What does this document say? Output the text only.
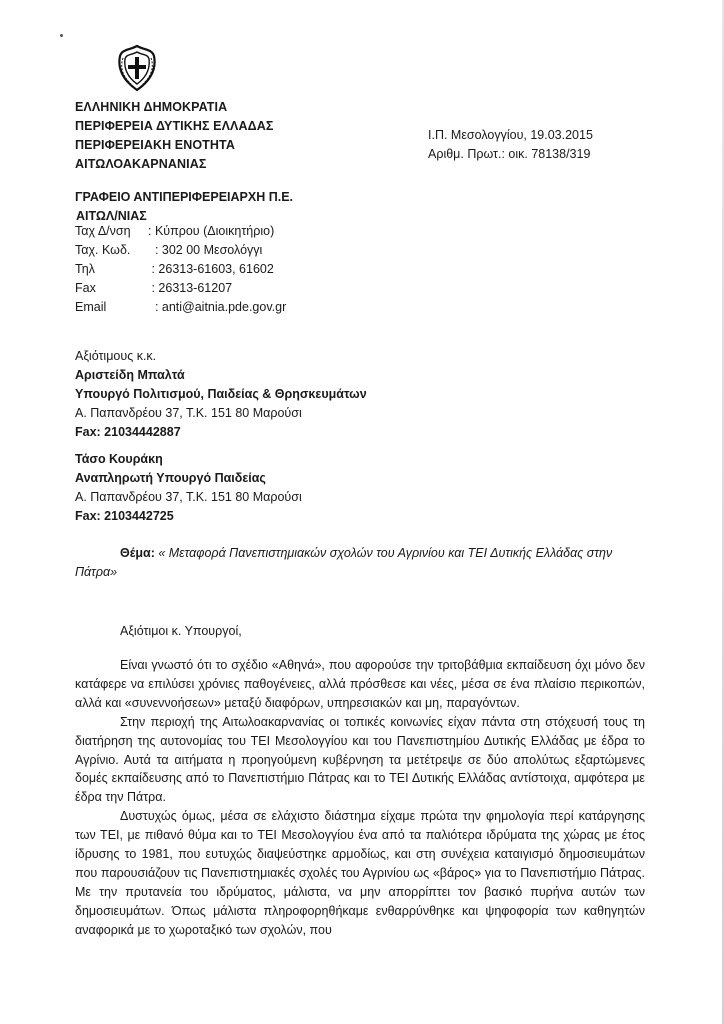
ΕΛΛΗΝΙΚΗ ΔΗΜΟΚΡΑΤΙΑ
ΠΕΡΙΦΕΡΕΙΑ ΔΥΤΙΚΗΣ ΕΛΛΑΔΑΣ
ΠΕΡΙΦΕΡΕΙΑΚΗ ΕΝΟΤΗΤΑ
ΑΙΤΩΛΟΑΚΑΡΝΑΝΙΑΣ
Ι.Π. Μεσολογγίου, 19.03.2015
Αριθμ. Πρωτ.: οικ. 78138/319
ΓΡΑΦΕΙΟ ΑΝΤΙΠΕΡΙΦΕΡΕΙΑΡΧΗ Π.Ε.
ΑΙΤΩΛ/ΝΙΑΣ
Ταχ Δ/νση	: Κύπρου (Διοικητήριο)
Ταχ. Κωδ.	: 302 00 Μεσολόγγι
Τηλ	: 26313-61603, 61602
Fax	: 26313-61207
Email	: anti@aitnia.pde.gov.gr
Αξιότιμους κ.κ.
Αριστείδη Μπαλτά
Υπουργό Πολιτισμού, Παιδείας & Θρησκευμάτων
Α. Παπανδρέου 37, Τ.Κ. 151 80 Μαρούσι
Fax: 21034442887
Τάσο Κουράκη
Αναπληρωτή Υπουργό Παιδείας
Α. Παπανδρέου 37, Τ.Κ. 151 80 Μαρούσι
Fax: 2103442725
Θέμα: « Μεταφορά Πανεπιστημιακών σχολών του Αγρινίου και ΤΕΙ Δυτικής Ελλάδας στην Πάτρα»
Αξιότιμοι κ. Υπουργοί,

Είναι γνωστό ότι το σχέδιο «Αθηνά», που αφορούσε την τριτοβάθμια εκπαίδευση όχι μόνο δεν κατάφερε να επιλύσει χρόνιες παθογένειες, αλλά πρόσθεσε και νέες, μέσα σε ένα πλαίσιο περικοπών, αλλά και «συνεννοήσεων» μεταξύ διαφόρων, υπηρεσιακών και μη, παραγόντων.

Στην περιοχή της Αιτωλοακαρνανίας οι τοπικές κοινωνίες είχαν πάντα στη στόχευσή τους τη διατήρηση της αυτονομίας του ΤΕΙ Μεσολογγίου και του Πανεπιστημίου Δυτικής Ελλάδας με έδρα το Αγρίνιο. Αυτά τα αιτήματα η προηγούμενη κυβέρνηση τα μετέτρεψε σε δύο απολύτως εξαρτώμενες δομές εκπαίδευσης από το Πανεπιστήμιο Πάτρας και το ΤΕΙ Δυτικής Ελλάδας αντίστοιχα, αμφότερα με έδρα την Πάτρα.

Δυστυχώς όμως, μέσα σε ελάχιστο διάστημα είχαμε πρώτα την φημολογία περί κατάργησης των ΤΕΙ, με πιθανό θύμα και το ΤΕΙ Μεσολογγίου ένα από τα παλιότερα ιδρύματα της χώρας με έτος ίδρυσης το 1981, που ευτυχώς διαψεύστηκε αρμοδίως, και στη συνέχεια καταιγισμό δημοσιευμάτων που παρουσιάζουν τις Πανεπιστημιακές σχολές του Αγρινίου ως «βάρος» για το Πανεπιστήμιο Πάτρας. Με την πρυτανεία του ιδρύματος, μάλιστα, να μην απορρίπτει τον βασικό πυρήνα αυτών των δημοσιευμάτων. Όπως μάλιστα πληροφορηθήκαμε ενθαρρύνθηκε και ψηφοφορία των καθηγητών αναφορικά με το χωροταξικό των σχολών, που
